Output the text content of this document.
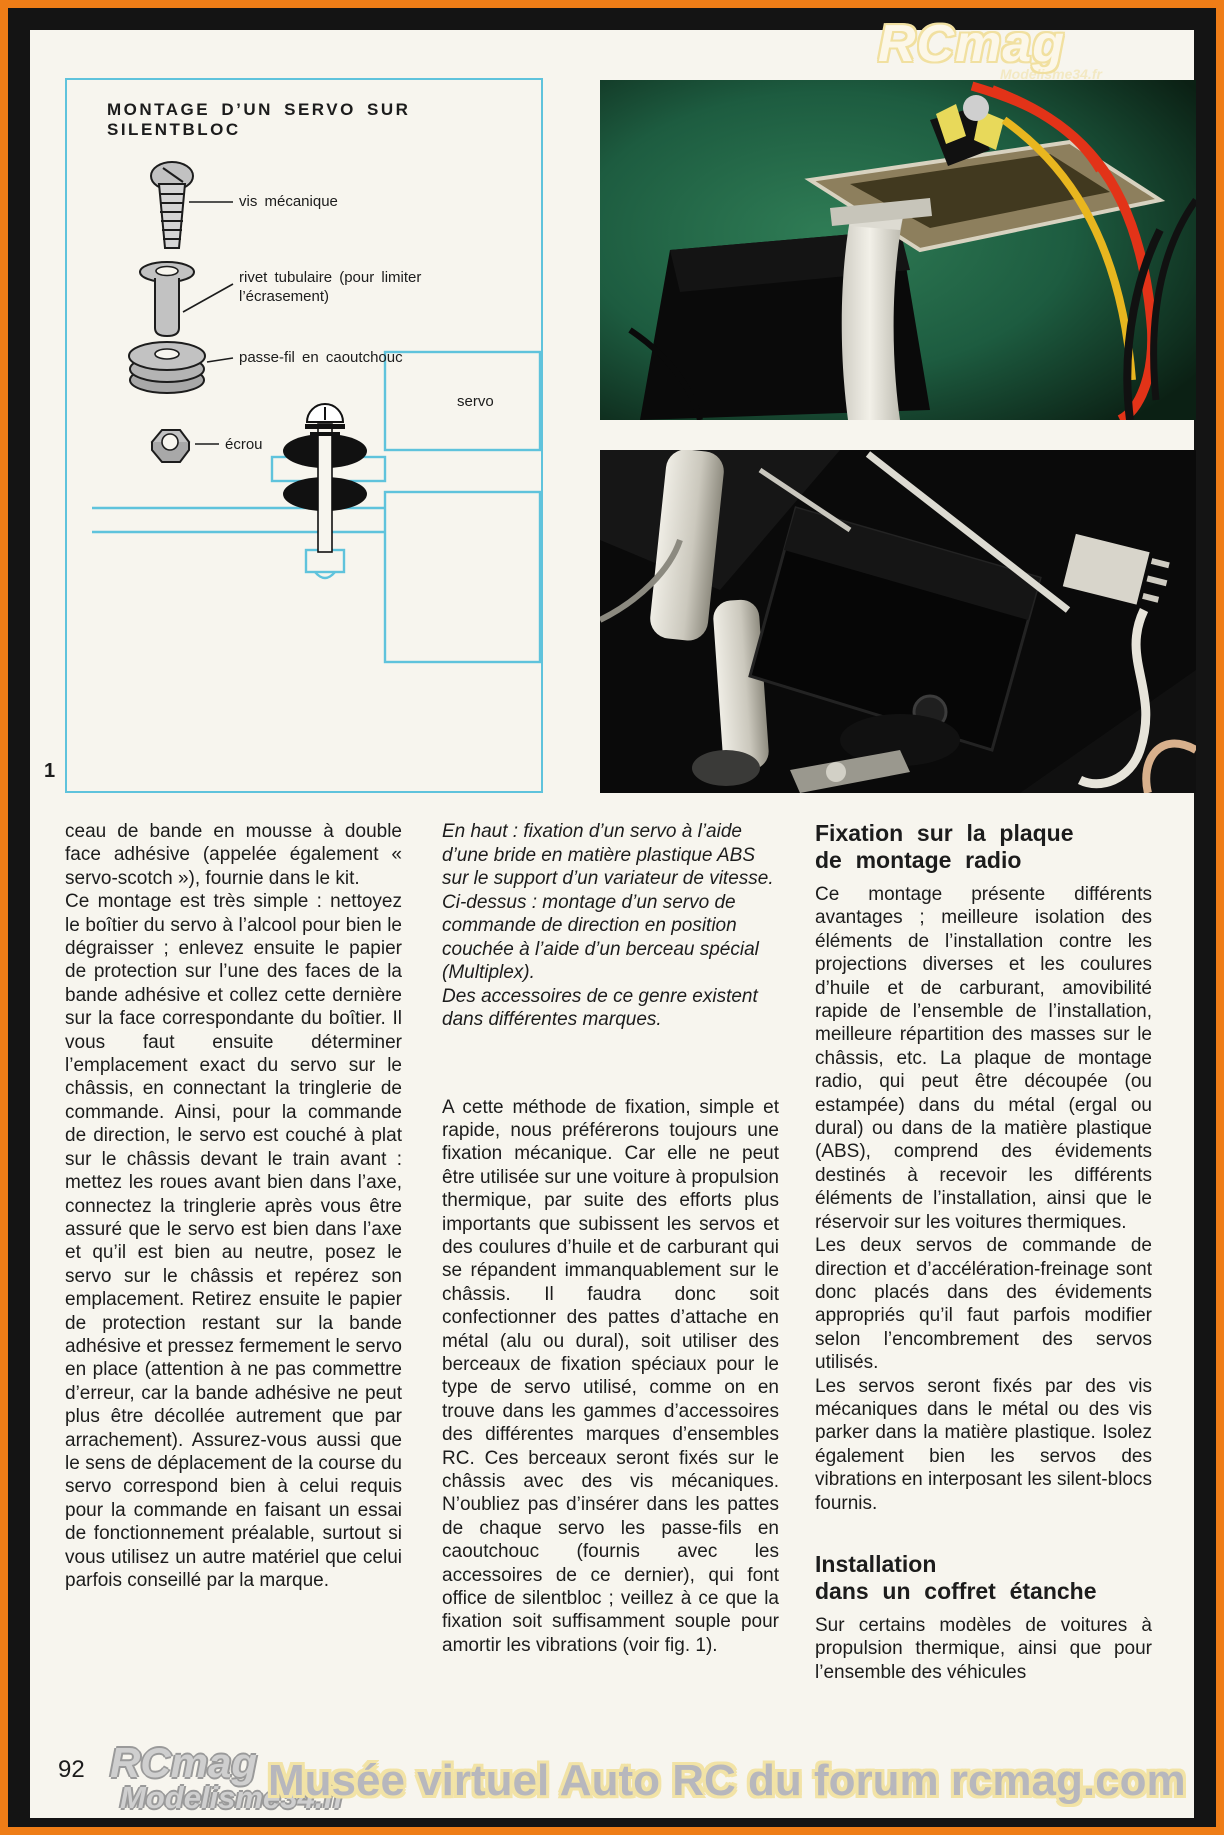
RCmag
Modelisme34.fr
MONTAGE D’UN SERVO SUR SILENTBLOC
vis mécanique
rivet tubulaire (pour limiter l’écrasement)
passe-fil en caoutchouc
écrou
servo
1

ceau de bande en mousse à double face adhésive (appelée également « servo-scotch »), fournie dans le kit.

Ce montage est très simple : nettoyez le boîtier du servo à l’alcool pour bien le dégraisser ; enlevez ensuite le papier de protection sur l’une des faces de la bande adhésive et collez cette dernière sur la face correspondante du boîtier. Il vous faut ensuite déterminer l’emplacement exact du servo sur le châssis, en connectant la tringlerie de commande. Ainsi, pour la commande de direction, le servo est couché à plat sur le châssis devant le train avant : mettez les roues avant bien dans l’axe, connectez la tringlerie après vous être assuré que le servo est bien dans l’axe et qu’il est bien au neutre, posez le servo sur le châssis et repérez son emplacement. Retirez ensuite le papier de protection restant sur la bande adhésive et pressez fermement le servo en place (attention à ne pas commettre d’erreur, car la bande adhésive ne peut plus être décollée autrement que par arrachement). Assurez-vous aussi que le sens de déplacement de la course du servo correspond bien à celui requis pour la commande en faisant un essai de fonctionnement préalable, surtout si vous utilisez un autre matériel que celui parfois conseillé par la marque.

En haut : fixation d’un servo à l’aide d’une bride en matière plastique ABS sur le support d’un variateur de vitesse.

Ci-dessus : montage d’un servo de commande de direction en position couchée à l’aide d’un berceau spécial (Multiplex).

Des accessoires de ce genre existent dans différentes marques.

A cette méthode de fixation, simple et rapide, nous préférerons toujours une fixation mécanique. Car elle ne peut être utilisée sur une voiture à propulsion thermique, par suite des efforts plus importants que subissent les servos et des coulures d’huile et de carburant qui se répandent immanquablement sur le châssis. Il faudra donc soit confectionner des pattes d’attache en métal (alu ou dural), soit utiliser des berceaux de fixation spéciaux pour le type de servo utilisé, comme on en trouve dans les gammes d’accessoires des différentes marques d’ensembles RC. Ces berceaux seront fixés sur le châssis avec des vis mécaniques. N’oubliez pas d’insérer dans les pattes de chaque servo les passe-fils en caoutchouc (fournis avec les accessoires de ce dernier), qui font office de silentbloc ; veillez à ce que la fixation soit suffisamment souple pour amortir les vibrations (voir fig. 1).

Fixation sur la plaque
de montage radio

Ce montage présente différents avantages ; meilleure isolation des éléments de l’installation contre les projections diverses et les coulures d’huile et de carburant, amovibilité rapide de l’ensemble de l’installation, meilleure répartition des masses sur le châssis, etc. La plaque de montage radio, qui peut être découpée (ou estampée) dans du métal (ergal ou dural) ou dans de la matière plastique (ABS), comprend des évidements destinés à recevoir les différents éléments de l’installation, ainsi que le réservoir sur les voitures thermiques.

Les deux servos de commande de direction et d’accélération-freinage sont donc placés dans des évidements appropriés qu’il faut parfois modifier selon l’encombrement des servos utilisés.

Les servos seront fixés par des vis mécaniques dans le métal ou des vis parker dans la matière plastique. Isolez également bien les servos des vibrations en interposant les silent-blocs fournis.

Installation
dans un coffret étanche

Sur certains modèles de voitures à propulsion thermique, ainsi que pour l’ensemble des véhicules

92 RCmag
Modelisme34.fr
Musée virtuel Auto RC du forum rcmag.com
